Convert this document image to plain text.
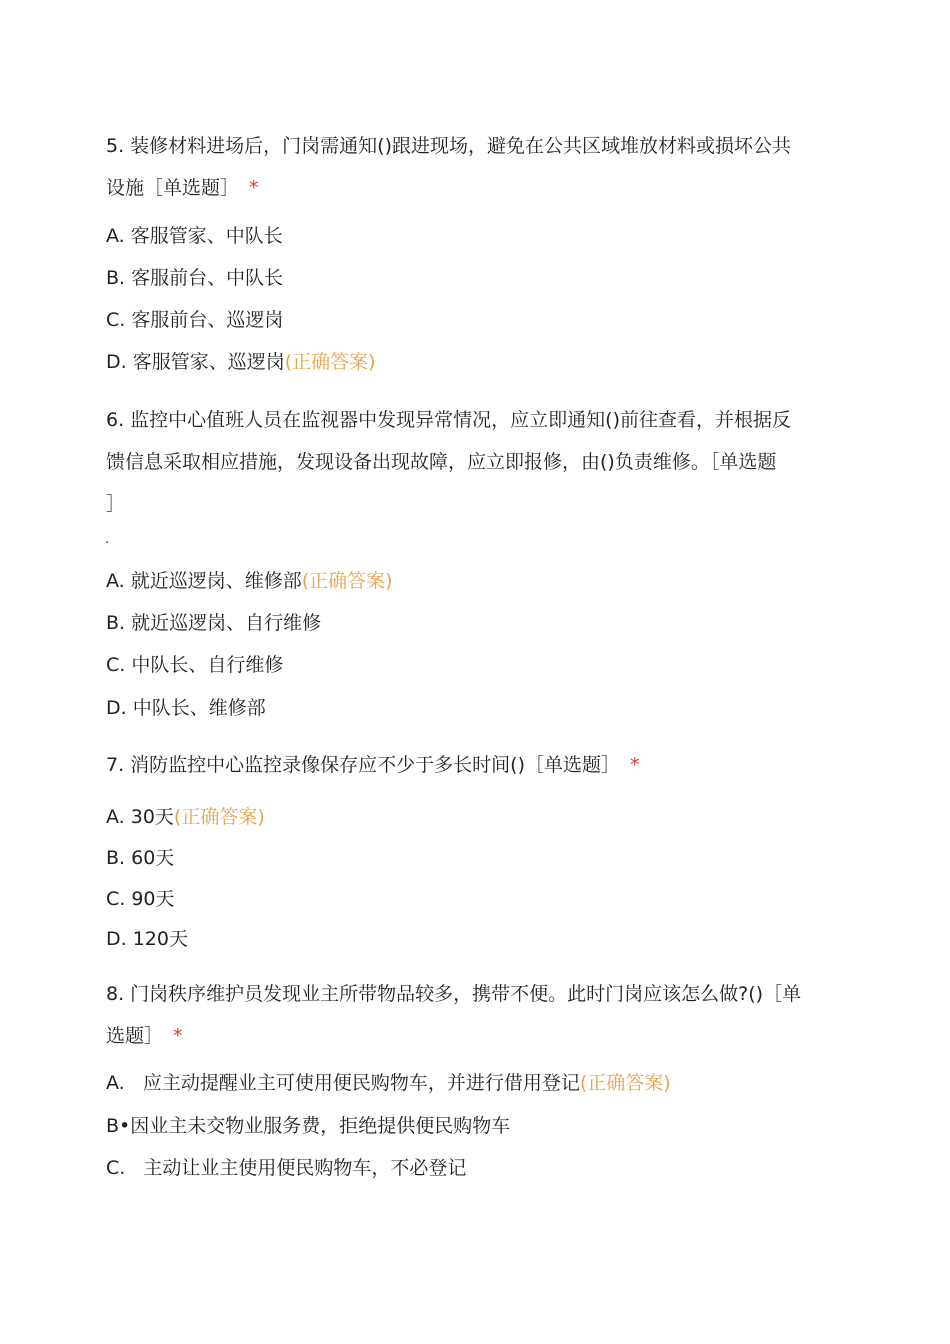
5. 装修材料进场后，门岗需通知()跟进现场，避免在公共区域堆放材料或损坏公共
设施［单选题］ *
A. 客服管家、中队长
B. 客服前台、中队长
C. 客服前台、巡逻岗
D. 客服管家、巡逻岗(正确答案)
6. 监控中心值班人员在监视器中发现异常情况，应立即通知()前往查看，并根据反
馈信息采取相应措施，发现设备出现故障，应立即报修，由()负责维修。［单选题
］
A. 就近巡逻岗、维修部(正确答案)
B. 就近巡逻岗、自行维修
C. 中队长、自行维修
D. 中队长、维修部
7. 消防监控中心监控录像保存应不少于多长时间()［单选题］ *
A. 30天(正确答案)
B. 60天
C. 90天
D. 120天
8. 门岗秩序维护员发现业主所带物品较多，携带不便。此时门岗应该怎么做?()［单
选题］ *
A.   应主动提醒业主可使用便民购物车，并进行借用登记(正确答案)
B•因业主未交物业服务费，拒绝提供便民购物车
C.   主动让业主使用便民购物车，不必登记
